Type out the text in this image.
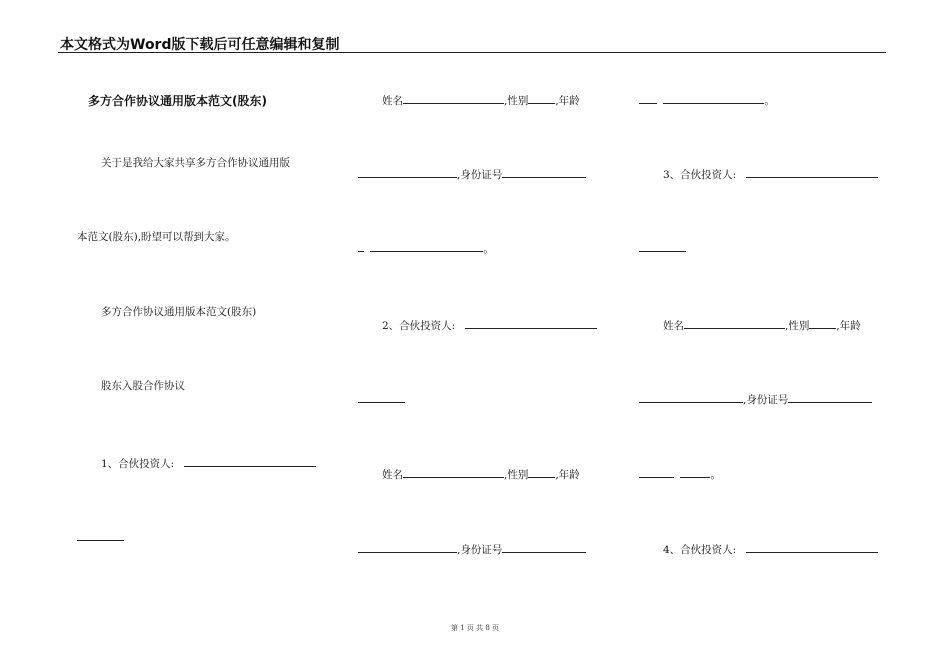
本文格式为Word版下载后可任意编辑和复制
多方合作协议通用版本范文(股东)
关于是我给大家共享多方合作协议通用版
本范文(股东),盼望可以帮到大家。
多方合作协议通用版本范文(股东)
股东入股合作协议
1、合伙投资人:
姓名	,性别	,年龄
,身份证号
。
2、合伙投资人:
姓名	,性别	,年龄
,身份证号
。
3、合伙投资人:
姓名	,性别	,年龄
,身份证号
。
4、合伙投资人:
第 1 页 共 8 页
